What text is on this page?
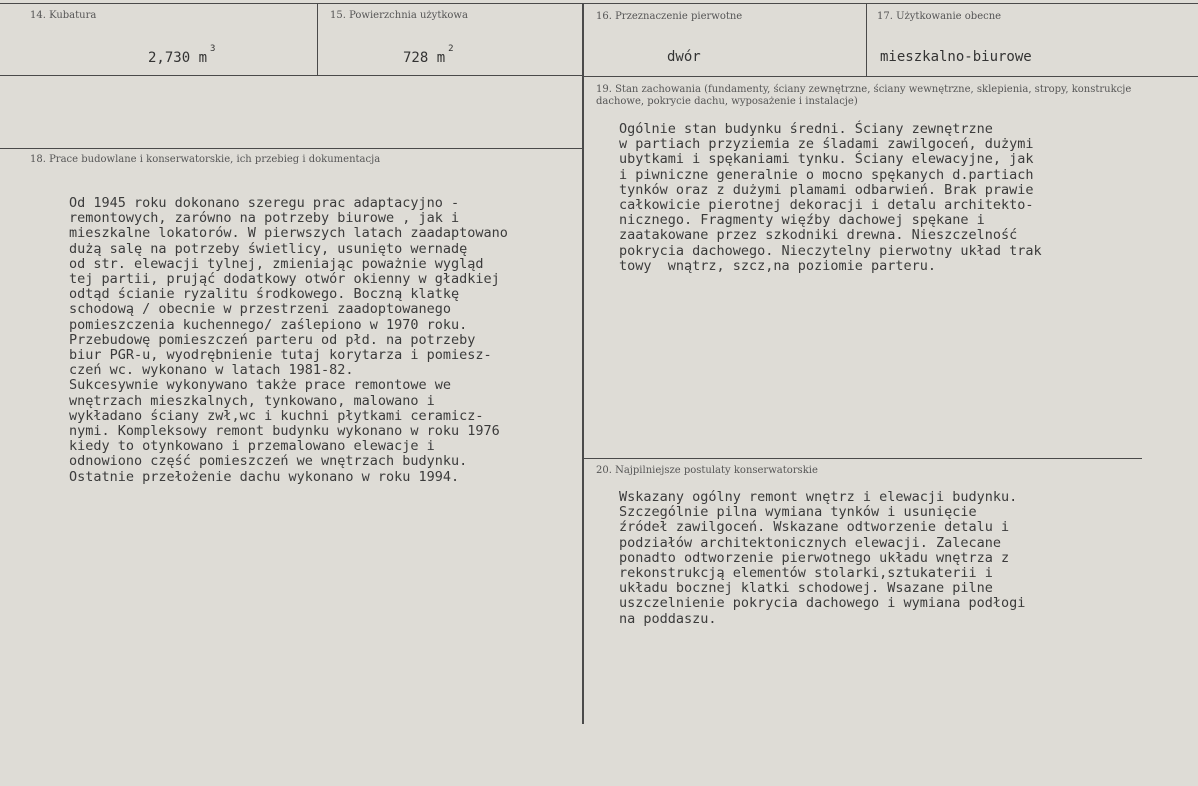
14. Kubatura
2,730 $m^3$
15. Powierzchnia użytkowa
728 $m^2$
16. Przeznaczenie pierwotne
dwór
17. Użytkowanie obecne
mieszkalno-biurowe
18. Prace budowlane i konserwatorskie, ich przebieg i dokumentacja
Od 1945 roku dokonano szeregu prac adaptacyjno -
remontowych, zarówno na potrzeby biurowe , jak i
mieszkalne lokatorów. W pierwszych latach zaadaptowano
dużą salę na potrzeby świetlicy, usunięto wernadę
od str. elewacji tylnej, zmieniając poważnie wygląd
tej partii, prująć dodatkowy otwór okienny w gładkiej
odtąd ścianie ryzalitu środkowego. Boczną klatkę
schodową / obecnie w przestrzeni zaadoptowanego
pomieszczenia kuchennego/ zaślepiono w 1970 roku.
Przebudowę pomieszczeń parteru od płd. na potrzeby
biur PGR-u, wyodrębnienie tutaj korytarza i pomiesz-
czeń wc. wykonano w latach 1981-82.
Sukcesywnie wykonywano także prace remontowe we
wnętrzach mieszkalnych, tynkowano, malowano i
wykładano ściany zwł,wc i kuchni płytkami ceramicz-
nymi. Kompleksowy remont budynku wykonano w roku 1976
kiedy to otynkowano i przemalowano elewacje i
odnowiono część pomieszczeń we wnętrzach budynku.
Ostatnie przełożenie dachu wykonano w roku 1994.
19. Stan zachowania (fundamenty, ściany zewnętrzne, ściany wewnętrzne, sklepienia, stropy, konstrukcje dachowe, pokrycie dachu, wyposażenie i instalacje)
Ogólnie stan budynku średni. Ściany zewnętrzne
w partiach przyziemia ze śladami zawilgoceń, dużymi
ubytkami i spękaniami tynku. Ściany elewacyjne, jak
i piwniczne generalnie o mocno spękanych d.partiach
tynków oraz z dużymi plamami odbarwień. Brak prawie
całkowicie pierotnej dekoracji i detalu architekto-
nicznego. Fragmenty więźby dachowej spękane i
zaatakowane przez szkodniki drewna. Nieszczelność
pokrycia dachowego. Nieczytelny pierwotny układ trak
towy  wnątrz, szcz,na poziomie parteru.
20. Najpilniejsze postulaty konserwatorskie
Wskazany ogólny remont wnętrz i elewacji budynku.
Szczególnie pilna wymiana tynków i usunięcie
źródeł zawilgoceń. Wskazane odtworzenie detalu i
podziałów architektonicznych elewacji. Zalecane
ponadto odtworzenie pierwotnego układu wnętrza z
rekonstrukcją elementów stolarki,sztukaterii i
układu bocznej klatki schodowej. Wsazane pilne
uszczelnienie pokrycia dachowego i wymiana podłogi
na poddaszu.
